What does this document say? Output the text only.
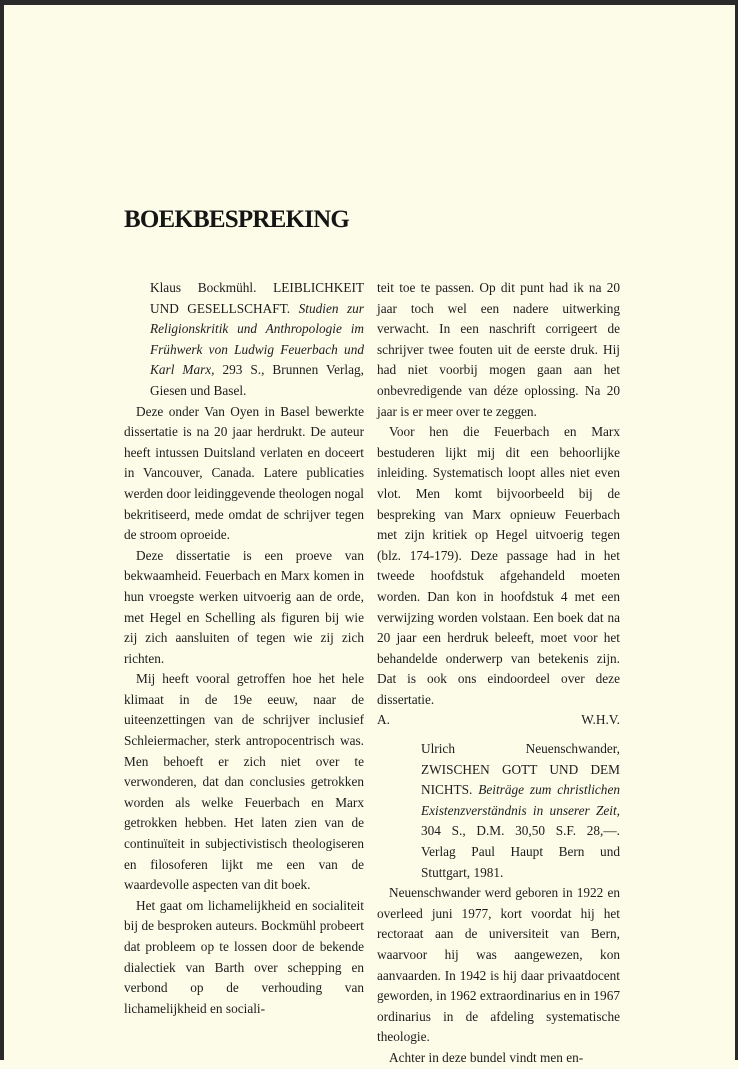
BOEKBESPREKING

Klaus Bockmühl. LEIBLICHKEIT UND GESELLSCHAFT. Studien zur Religionskritik und Anthropologie im Frühwerk von Ludwig Feuerbach und Karl Marx, 293 S., Brunnen Verlag, Giesen und Basel.

Deze onder Van Oyen in Basel bewerkte dissertatie is na 20 jaar herdrukt. De auteur heeft intussen Duitsland verlaten en doceert in Vancouver, Canada. Latere publicaties werden door leidinggevende theologen nogal bekritiseerd, mede omdat de schrijver tegen de stroom oproeide.

Deze dissertatie is een proeve van bekwaamheid. Feuerbach en Marx komen in hun vroegste werken uitvoerig aan de orde, met Hegel en Schelling als figuren bij wie zij zich aansluiten of tegen wie zij zich richten.

Mij heeft vooral getroffen hoe het hele klimaat in de 19e eeuw, naar de uiteenzettingen van de schrijver inclusief Schleiermacher, sterk antropocentrisch was. Men behoeft er zich niet over te verwonderen, dat dan conclusies getrokken worden als welke Feuerbach en Marx getrokken hebben. Het laten zien van de continuïteit in subjectivistisch theologiseren en filosoferen lijkt me een van de waardevolle aspecten van dit boek.

Het gaat om lichamelijkheid en socialiteit bij de besproken auteurs. Bockmühl probeert dat probleem op te lossen door de bekende dialectiek van Barth over schepping en verbond op de verhouding van lichamelijkheid en sociali-

teit toe te passen. Op dit punt had ik na 20 jaar toch wel een nadere uitwerking verwacht. In een naschrift corrigeert de schrijver twee fouten uit de eerste druk. Hij had niet voorbij mogen gaan aan het onbevredigende van déze oplossing. Na 20 jaar is er meer over te zeggen.

Voor hen die Feuerbach en Marx bestuderen lijkt mij dit een behoorlijke inleiding. Systematisch loopt alles niet even vlot. Men komt bijvoorbeeld bij de bespreking van Marx opnieuw Feuerbach met zijn kritiek op Hegel uitvoerig tegen (blz. 174-179). Deze passage had in het tweede hoofdstuk afgehandeld moeten worden. Dan kon in hoofdstuk 4 met een verwijzing worden volstaan. Een boek dat na 20 jaar een herdruk beleeft, moet voor het behandelde onderwerp van betekenis zijn. Dat is ook ons eindoordeel over deze dissertatie.

A.	W.H.V.

Ulrich Neuenschwander, ZWISCHEN GOTT UND DEM NICHTS. Beiträge zum christlichen Existenzverständnis in unserer Zeit, 304 S., D.M. 30,50 S.F. 28,—. Verlag Paul Haupt Bern und Stuttgart, 1981.

Neuenschwander werd geboren in 1922 en overleed juni 1977, kort voordat hij het rectoraat aan de universiteit van Bern, waarvoor hij was aangewezen, kon aanvaarden. In 1942 is hij daar privaatdocent geworden, in 1962 extraordinarius en in 1967 ordinarius in de afdeling systematische theologie.

Achter in deze bundel vindt men en-
